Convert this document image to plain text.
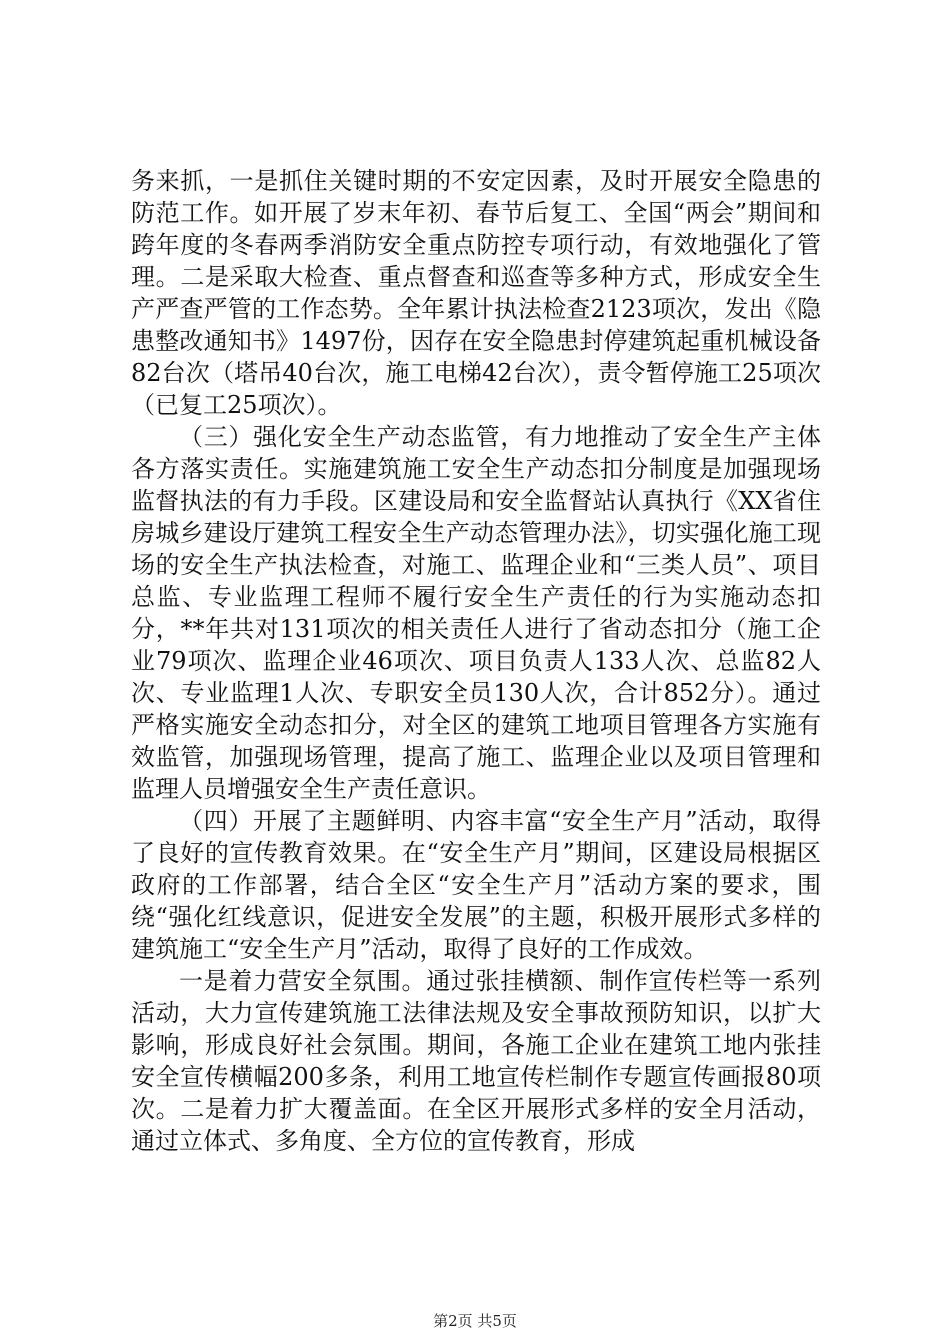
务来抓，一是抓住关键时期的不安定因素，及时开展安全隐患的防范工作。如开展了岁末年初、春节后复工、全国“两会”期间和跨年度的冬春两季消防安全重点防控专项行动，有效地强化了管理。二是采取大检查、重点督查和巡查等多种方式，形成安全生产严查严管的工作态势。全年累计执法检查2123项次，发出《隐患整改通知书》1497份，因存在安全隐患封停建筑起重机械设备82台次（塔吊40台次，施工电梯42台次），责令暂停施工25项次（已复工25项次）。

（三）强化安全生产动态监管，有力地推动了安全生产主体各方落实责任。实施建筑施工安全生产动态扣分制度是加强现场监督执法的有力手段。区建设局和安全监督站认真执行《XX省住房城乡建设厅建筑工程安全生产动态管理办法》，切实强化施工现场的安全生产执法检查，对施工、监理企业和“三类人员”、项目总监、专业监理工程师不履行安全生产责任的行为实施动态扣分，**年共对131项次的相关责任人进行了省动态扣分（施工企业79项次、监理企业46项次、项目负责人133人次、总监82人次、专业监理1人次、专职安全员130人次，合计852分）。通过严格实施安全动态扣分，对全区的建筑工地项目管理各方实施有效监管，加强现场管理，提高了施工、监理企业以及项目管理和监理人员增强安全生产责任意识。

（四）开展了主题鲜明、内容丰富“安全生产月”活动，取得了良好的宣传教育效果。在“安全生产月”期间，区建设局根据区政府的工作部署，结合全区“安全生产月”活动方案的要求，围绕“强化红线意识，促进安全发展”的主题，积极开展形式多样的建筑施工“安全生产月”活动，取得了良好的工作成效。

一是着力营安全氛围。通过张挂横额、制作宣传栏等一系列活动，大力宣传建筑施工法律法规及安全事故预防知识，以扩大影响，形成良好社会氛围。期间，各施工企业在建筑工地内张挂安全宣传横幅200多条，利用工地宣传栏制作专题宣传画报80项次。二是着力扩大覆盖面。在全区开展形式多样的安全月活动，通过立体式、多角度、全方位的宣传教育，形成

第2页 共5页
